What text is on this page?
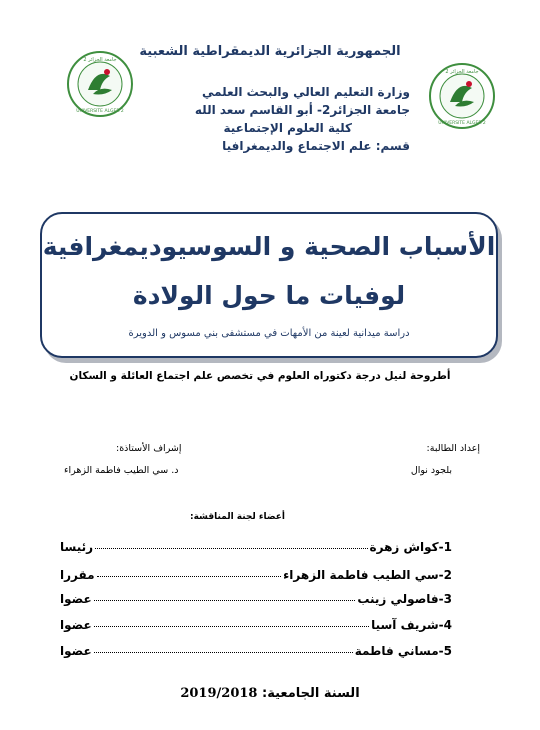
جامعة الجزائر 2
UNIVERSITE ALGER 2
جامعة الجزائر 2
UNIVERSITE ALGER 2

الجمهورية الجزائرية الديمقراطية الشعبية

وزارة التعليم العالي والبحث العلمي

جامعة الجزائر2- أبو القاسم سعد الله

كلية العلوم الإجتماعية

قسم: علم الاجتماع والديمغرافيا

الأسباب الصحية و السوسيوديمغرافية
لوفيات ما حول الولادة
دراسة ميدانية لعينة من الأمهات في مستشفى بني مسوس و الدويرة
أطروحة لنيل درجة دكتوراه العلوم في تخصص علم اجتماع العائلة و السكان
إعداد الطالبة:
بلجود نوال
إشراف الأستاذة:
د. سي الطيب فاطمة الزهراء
أعضاء لجنة المناقشة:
1-كواش زهرة
رئيسا
2-سي الطيب فاطمة الزهراء
مقررا
3-فاصولي زينب
عضوا
4-شريف آسيا
عضوا
5-مساني فاطمة
عضوا
السنة الجامعية: 2019/2018
